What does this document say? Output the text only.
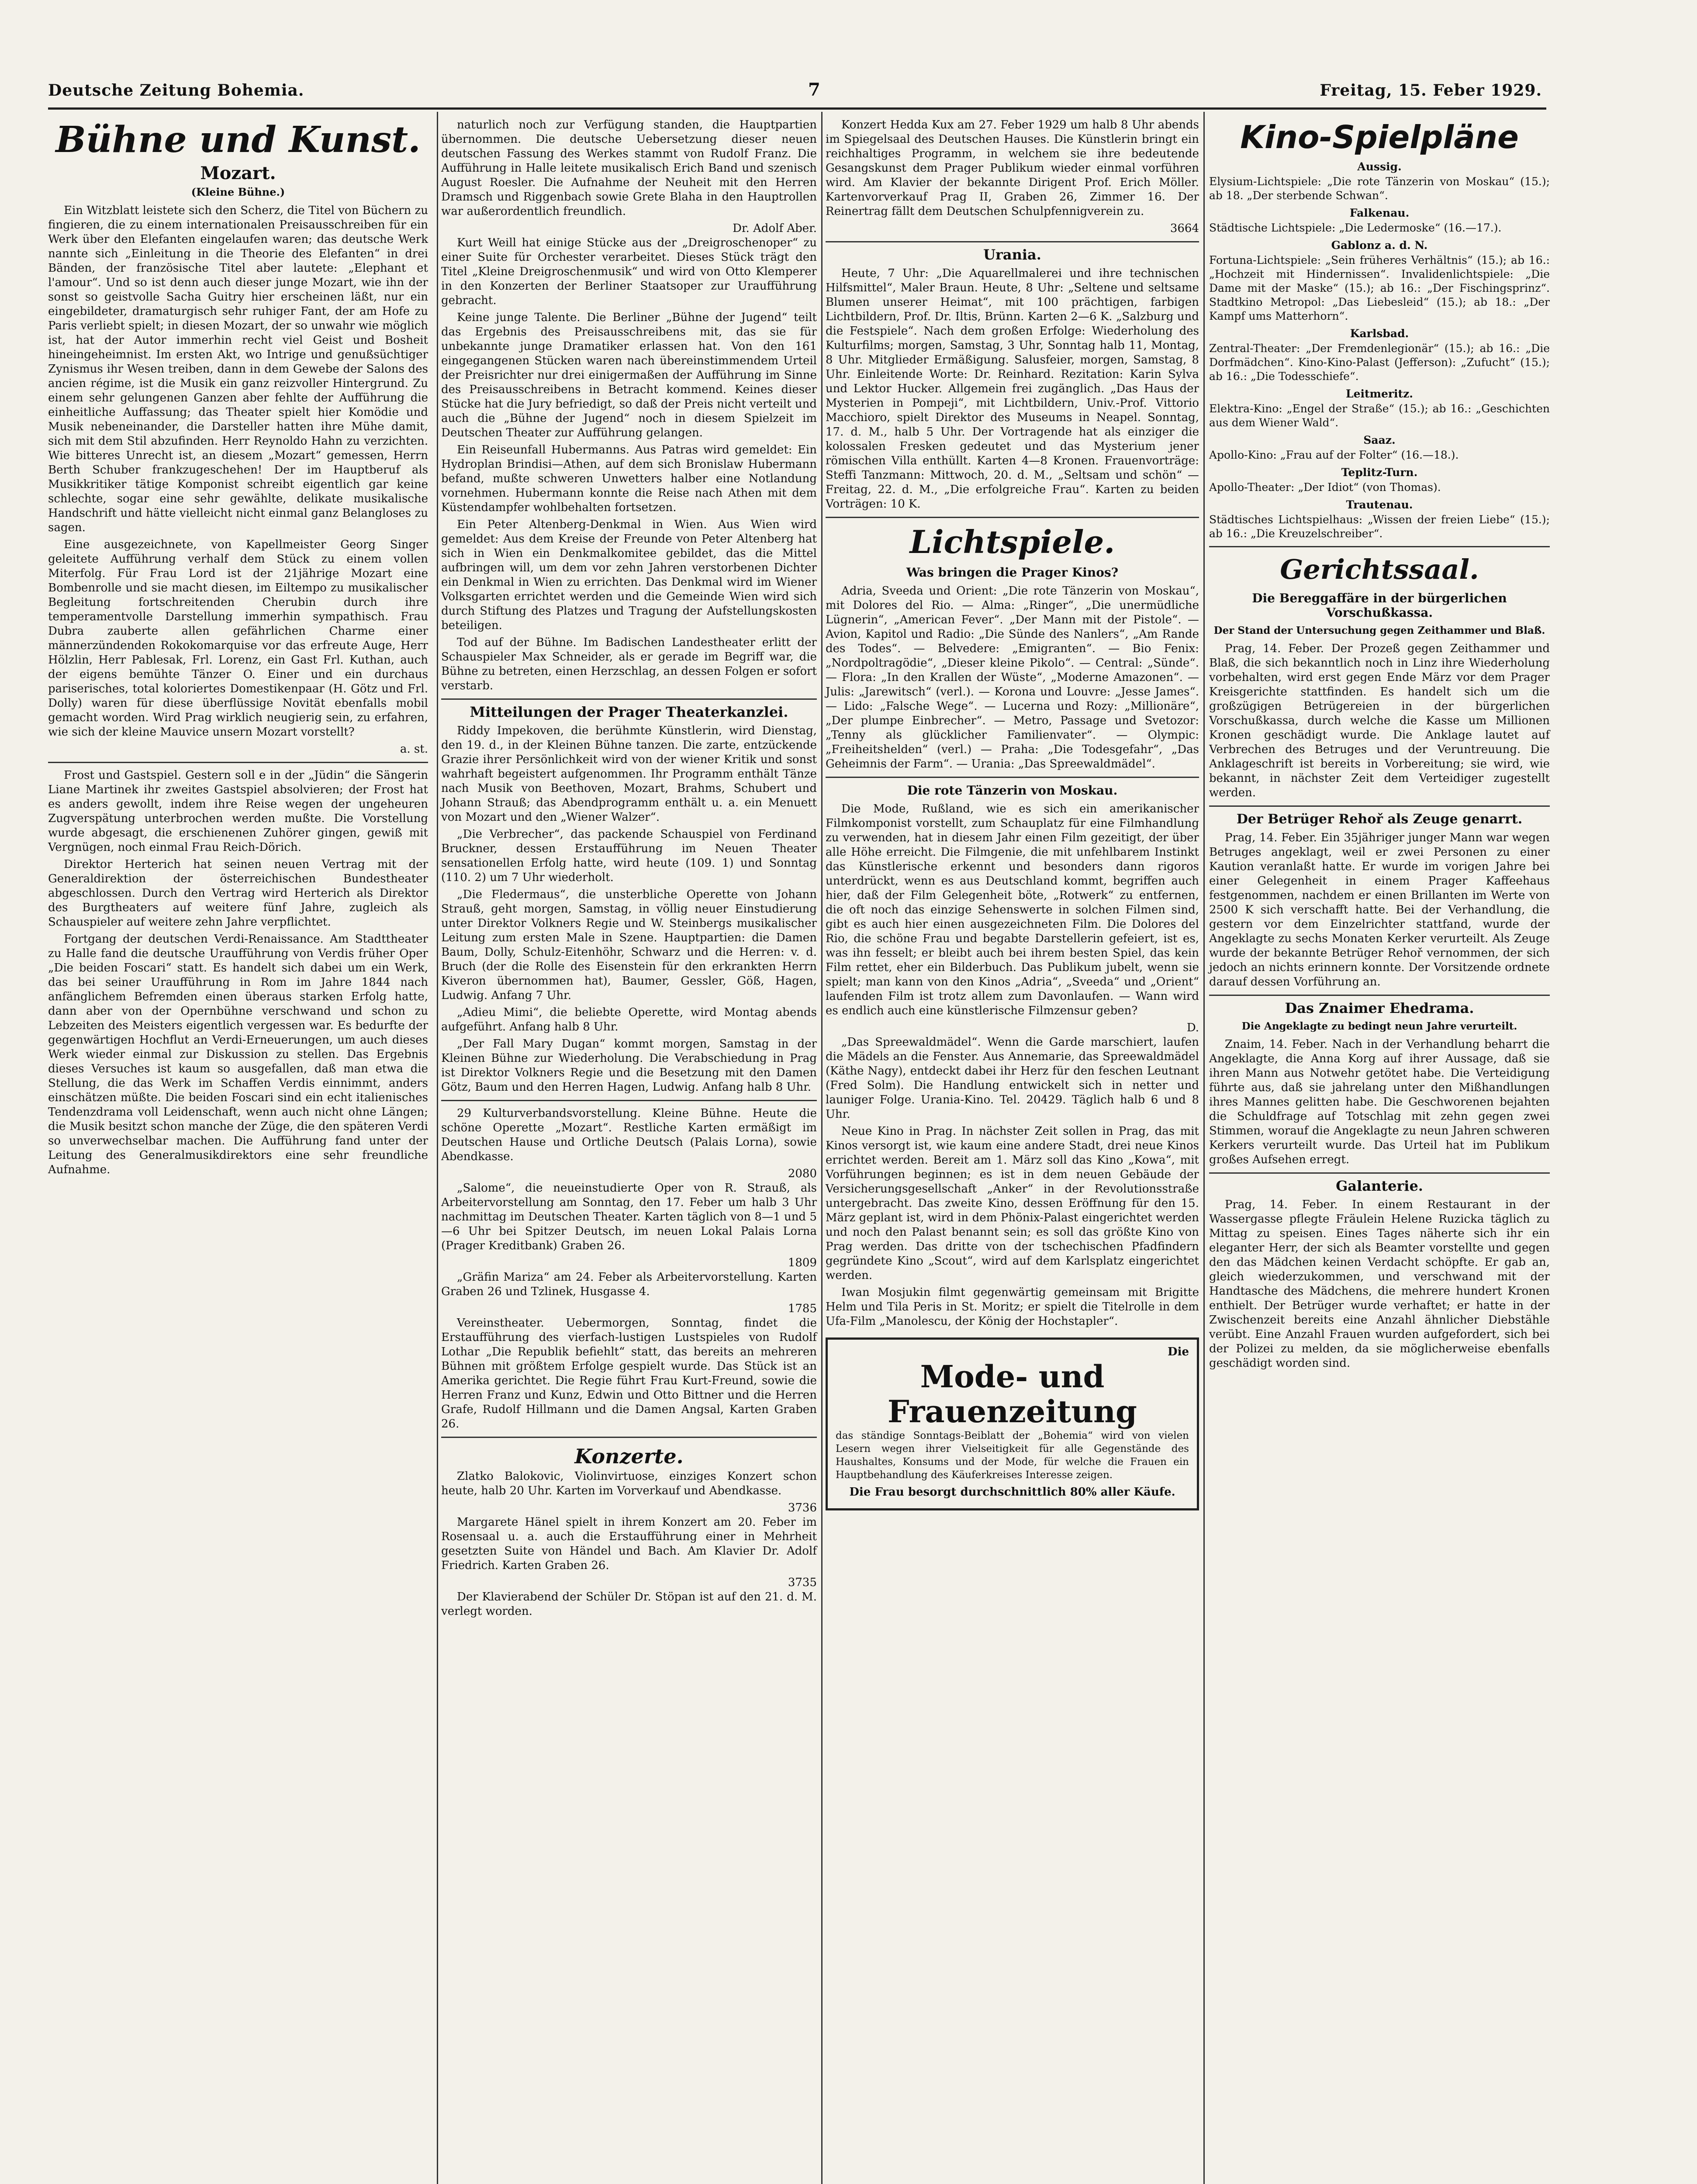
Deutsche Zeitung Bohemia.	7	Freitag, 15. Feber 1929.
Bühne und Kunst.
Mozart.
(Kleine Bühne.)

Ein Witzblatt leistete sich den Scherz, die Titel von Büchern zu fingieren, die zu einem internationalen Preisausschreiben für ein Werk über den Elefanten eingelaufen waren; das deutsche Werk nannte sich „Einleitung in die Theorie des Elefanten“ in drei Bänden, der französische Titel aber lautete: „Elephant et l'amour“. Und so ist denn auch dieser junge Mozart, wie ihn der sonst so geistvolle Sacha Guitry hier erscheinen läßt, nur ein eingebildeter, dramaturgisch sehr ruhiger Fant, der am Hofe zu Paris verliebt spielt; in diesen Mozart, der so unwahr wie möglich ist, hat der Autor immerhin recht viel Geist und Bosheit hineingeheimnist. Im ersten Akt, wo Intrige und genußsüchtiger Zynismus ihr Wesen treiben, dann in dem Gewebe der Salons des ancien régime, ist die Musik ein ganz reizvoller Hintergrund. Zu einem sehr gelungenen Ganzen aber fehlte der Aufführung die einheitliche Auffassung; das Theater spielt hier Komödie und Musik nebeneinander, die Darsteller hatten ihre Mühe damit, sich mit dem Stil abzufinden. Herr Reynoldo Hahn zu verzichten. Wie bitteres Unrecht ist, an diesem „Mozart“ gemessen, Herrn Berth Schuber frankzugeschehen! Der im Hauptberuf als Musikkritiker tätige Komponist schreibt eigentlich gar keine schlechte, sogar eine sehr gewählte, delikate musikalische Handschrift und hätte vielleicht nicht einmal ganz Belangloses zu sagen.

Eine ausgezeichnete, von Kapellmeister Georg Singer geleitete Aufführung verhalf dem Stück zu einem vollen Miterfolg. Für Frau Lord ist der 21jährige Mozart eine Bombenrolle und sie macht diesen, im Eiltempo zu musikalischer Begleitung fortschreitenden Cherubin durch ihre temperamentvolle Darstellung immerhin sympathisch. Frau Dubra zauberte allen gefährlichen Charme einer männerzündenden Rokokomarquise vor das erfreute Auge, Herr Hölzlin, Herr Pablesak, Frl. Lorenz, ein Gast Frl. Kuthan, auch der eigens bemühte Tänzer O. Einer und ein durchaus pariserisches, total koloriertes Domestikenpaar (H. Götz und Frl. Dolly) waren für diese überflüssige Novität ebenfalls mobil gemacht worden. Wird Prag wirklich neugierig sein, zu erfahren, wie sich der kleine Mauvice unsern Mozart vorstellt?

a. st.

Frost und Gastspiel. Gestern soll e in der „Jüdin“ die Sängerin Liane Martinek ihr zweites Gastspiel absolvieren; der Frost hat es anders gewollt, indem ihre Reise wegen der ungeheuren Zugverspätung unterbrochen werden mußte. Die Vorstellung wurde abgesagt, die erschienenen Zuhörer gingen, gewiß mit Vergnügen, noch einmal Frau Reich-Dörich.

Direktor Herterich hat seinen neuen Vertrag mit der Generaldirektion der österreichischen Bundestheater abgeschlossen. Durch den Vertrag wird Herterich als Direktor des Burgtheaters auf weitere fünf Jahre, zugleich als Schauspieler auf weitere zehn Jahre verpflichtet.

Fortgang der deutschen Verdi-Renaissance. Am Stadttheater zu Halle fand die deutsche Uraufführung von Verdis früher Oper „Die beiden Foscari“ statt. Es handelt sich dabei um ein Werk, das bei seiner Uraufführung in Rom im Jahre 1844 nach anfänglichem Befremden einen überaus starken Erfolg hatte, dann aber von der Opernbühne verschwand und schon zu Lebzeiten des Meisters eigentlich vergessen war. Es bedurfte der gegenwärtigen Hochflut an Verdi-Erneuerungen, um auch dieses Werk wieder einmal zur Diskussion zu stellen. Das Ergebnis dieses Versuches ist kaum so ausgefallen, daß man etwa die Stellung, die das Werk im Schaffen Verdis einnimmt, anders einschätzen müßte. Die beiden Foscari sind ein echt italienisches Tendenzdrama voll Leidenschaft, wenn auch nicht ohne Längen; die Musik besitzt schon manche der Züge, die den späteren Verdi so unverwechselbar machen. Die Aufführung fand unter der Leitung des Generalmusikdirektors eine sehr freundliche Aufnahme.

naturlich noch zur Verfügung standen, die Hauptpartien übernommen. Die deutsche Uebersetzung dieser neuen deutschen Fassung des Werkes stammt von Rudolf Franz. Die Aufführung in Halle leitete musikalisch Erich Band und szenisch August Roesler. Die Aufnahme der Neuheit mit den Herren Dramsch und Riggenbach sowie Grete Blaha in den Hauptrollen war außerordentlich freundlich.

Dr. Adolf Aber.

Kurt Weill hat einige Stücke aus der „Dreigroschenoper“ zu einer Suite für Orchester verarbeitet. Dieses Stück trägt den Titel „Kleine Dreigroschenmusik“ und wird von Otto Klemperer in den Konzerten der Berliner Staatsoper zur Uraufführung gebracht.

Keine junge Talente. Die Berliner „Bühne der Jugend“ teilt das Ergebnis des Preisausschreibens mit, das sie für unbekannte junge Dramatiker erlassen hat. Von den 161 eingegangenen Stücken waren nach übereinstimmendem Urteil der Preisrichter nur drei einigermaßen der Aufführung im Sinne des Preisausschreibens in Betracht kommend. Keines dieser Stücke hat die Jury befriedigt, so daß der Preis nicht verteilt und auch die „Bühne der Jugend“ noch in diesem Spielzeit im Deutschen Theater zur Aufführung gelangen.

Ein Reiseunfall Hubermanns. Aus Patras wird gemeldet: Ein Hydroplan Brindisi—Athen, auf dem sich Bronislaw Hubermann befand, mußte schweren Unwetters halber eine Notlandung vornehmen. Hubermann konnte die Reise nach Athen mit dem Küstendampfer wohlbehalten fortsetzen.

Ein Peter Altenberg-Denkmal in Wien. Aus Wien wird gemeldet: Aus dem Kreise der Freunde von Peter Altenberg hat sich in Wien ein Denkmalkomitee gebildet, das die Mittel aufbringen will, um dem vor zehn Jahren verstorbenen Dichter ein Denkmal in Wien zu errichten. Das Denkmal wird im Wiener Volksgarten errichtet werden und die Gemeinde Wien wird sich durch Stiftung des Platzes und Tragung der Aufstellungskosten beteiligen.

Tod auf der Bühne. Im Badischen Landestheater erlitt der Schauspieler Max Schneider, als er gerade im Begriff war, die Bühne zu betreten, einen Herzschlag, an dessen Folgen er sofort verstarb.

Mitteilungen der Prager Theaterkanzlei.

Riddy Impekoven, die berühmte Künstlerin, wird Dienstag, den 19. d., in der Kleinen Bühne tanzen. Die zarte, entzückende Grazie ihrer Persönlichkeit wird von der wiener Kritik und sonst wahrhaft begeistert aufgenommen. Ihr Programm enthält Tänze nach Musik von Beethoven, Mozart, Brahms, Schubert und Johann Strauß; das Abendprogramm enthält u. a. ein Menuett von Mozart und den „Wiener Walzer“.

„Die Verbrecher“, das packende Schauspiel von Ferdinand Bruckner, dessen Erstaufführung im Neuen Theater sensationellen Erfolg hatte, wird heute (109. 1) und Sonntag (110. 2) um 7 Uhr wiederholt.

„Die Fledermaus“, die unsterbliche Operette von Johann Strauß, geht morgen, Samstag, in völlig neuer Einstudierung unter Direktor Volkners Regie und W. Steinbergs musikalischer Leitung zum ersten Male in Szene. Hauptpartien: die Damen Baum, Dolly, Schulz-Eitenhöhr, Schwarz und die Herren: v. d. Bruch (der die Rolle des Eisenstein für den erkrankten Herrn Kiveron übernommen hat), Baumer, Gessler, Göß, Hagen, Ludwig. Anfang 7 Uhr.

„Adieu Mimi“, die beliebte Operette, wird Montag abends aufgeführt. Anfang halb 8 Uhr.

„Der Fall Mary Dugan“ kommt morgen, Samstag in der Kleinen Bühne zur Wiederholung. Die Verabschiedung in Prag ist Direktor Volkners Regie und die Besetzung mit den Damen Götz, Baum und den Herren Hagen, Ludwig. Anfang halb 8 Uhr.

29 Kulturverbandsvorstellung. Kleine Bühne. Heute die schöne Operette „Mozart“. Restliche Karten ermäßigt im Deutschen Hause und Ortliche Deutsch (Palais Lorna), sowie Abendkasse.

2080

„Salome“, die neueinstudierte Oper von R. Strauß, als Arbeitervorstellung am Sonntag, den 17. Feber um halb 3 Uhr nachmittag im Deutschen Theater. Karten täglich von 8—1 und 5—6 Uhr bei Spitzer Deutsch, im neuen Lokal Palais Lorna (Prager Kreditbank) Graben 26.

1809

„Gräfin Mariza“ am 24. Feber als Arbeitervorstellung. Karten Graben 26 und Tzlinek, Husgasse 4.

1785

Vereinstheater. Uebermorgen, Sonntag, findet die Erstaufführung des vierfach-lustigen Lustspieles von Rudolf Lothar „Die Republik befiehlt“ statt, das bereits an mehreren Bühnen mit größtem Erfolge gespielt wurde. Das Stück ist an Amerika gerichtet. Die Regie führt Frau Kurt-Freund, sowie die Herren Franz und Kunz, Edwin und Otto Bittner und die Herren Grafe, Rudolf Hillmann und die Damen Angsal, Karten Graben 26.

Konzerte.

Zlatko Balokovic, Violinvirtuose, einziges Konzert schon heute, halb 20 Uhr. Karten im Vorverkauf und Abendkasse.

3736

Margarete Hänel spielt in ihrem Konzert am 20. Feber im Rosensaal u. a. auch die Erstaufführung einer in Mehrheit gesetzten Suite von Händel und Bach. Am Klavier Dr. Adolf Friedrich. Karten Graben 26.

3735

Der Klavierabend der Schüler Dr. Stöpan ist auf den 21. d. M. verlegt worden.

Konzert Hedda Kux am 27. Feber 1929 um halb 8 Uhr abends im Spiegelsaal des Deutschen Hauses. Die Künstlerin bringt ein reichhaltiges Programm, in welchem sie ihre bedeutende Gesangskunst dem Prager Publikum wieder einmal vorführen wird. Am Klavier der bekannte Dirigent Prof. Erich Möller. Kartenvorverkauf Prag II, Graben 26, Zimmer 16. Der Reinertrag fällt dem Deutschen Schulpfennigverein zu.

3664
Urania.

Heute, 7 Uhr: „Die Aquarellmalerei und ihre technischen Hilfsmittel“, Maler Braun. Heute, 8 Uhr: „Seltene und seltsame Blumen unserer Heimat“, mit 100 prächtigen, farbigen Lichtbildern, Prof. Dr. Iltis, Brünn. Karten 2—6 K. „Salzburg und die Festspiele“. Nach dem großen Erfolge: Wiederholung des Kulturfilms; morgen, Samstag, 3 Uhr, Sonntag halb 11, Montag, 8 Uhr. Mitglieder Ermäßigung. Salusfeier, morgen, Samstag, 8 Uhr. Einleitende Worte: Dr. Reinhard. Rezitation: Karin Sylva und Lektor Hucker. Allgemein frei zugänglich. „Das Haus der Mysterien in Pompeji“, mit Lichtbildern, Univ.-Prof. Vittorio Macchioro, spielt Direktor des Museums in Neapel. Sonntag, 17. d. M., halb 5 Uhr. Der Vortragende hat als einziger die kolossalen Fresken gedeutet und das Mysterium jener römischen Villa enthüllt. Karten 4—8 Kronen. Frauenvorträge: Steffi Tanzmann: Mittwoch, 20. d. M., „Seltsam und schön“ — Freitag, 22. d. M., „Die erfolgreiche Frau“. Karten zu beiden Vorträgen: 10 K.

Lichtspiele.
Was bringen die Prager Kinos?

Adria, Sveeda und Orient: „Die rote Tänzerin von Moskau“, mit Dolores del Rio. — Alma: „Ringer“, „Die unermüdliche Lügnerin“, „American Fever“. „Der Mann mit der Pistole“. — Avion, Kapitol und Radio: „Die Sünde des Nanlers“, „Am Rande des Todes“. — Belvedere: „Emigranten“. — Bio Fenix: „Nordpoltragödie“, „Dieser kleine Pikolo“. — Central: „Sünde“. — Flora: „In den Krallen der Wüste“, „Moderne Amazonen“. — Julis: „Jarewitsch“ (verl.). — Korona und Louvre: „Jesse James“. — Lido: „Falsche Wege“. — Lucerna und Rozy: „Millionäre“, „Der plumpe Einbrecher“. — Metro, Passage und Svetozor: „Tenny als glücklicher Familienvater“. — Olympic: „Freiheitshelden“ (verl.) — Praha: „Die Todesgefahr“, „Das Geheimnis der Farm“. — Urania: „Das Spreewaldmädel“.

Die rote Tänzerin von Moskau.

Die Mode, Rußland, wie es sich ein amerikanischer Filmkomponist vorstellt, zum Schauplatz für eine Filmhandlung zu verwenden, hat in diesem Jahr einen Film gezeitigt, der über alle Höhe erreicht. Die Filmgenie, die mit unfehlbarem Instinkt das Künstlerische erkennt und besonders dann rigoros unterdrückt, wenn es aus Deutschland kommt, begriffen auch hier, daß der Film Gelegenheit böte, „Rotwerk“ zu entfernen, die oft noch das einzige Sehenswerte in solchen Filmen sind, gibt es auch hier einen ausgezeichneten Film. Die Dolores del Rio, die schöne Frau und begabte Darstellerin gefeiert, ist es, was ihn fesselt; er bleibt auch bei ihrem besten Spiel, das kein Film rettet, eher ein Bilderbuch. Das Publikum jubelt, wenn sie spielt; man kann von den Kinos „Adria“, „Sveeda“ und „Orient“ laufenden Film ist trotz allem zum Davonlaufen. — Wann wird es endlich auch eine künstlerische Filmzensur geben?

D.

„Das Spreewaldmädel“. Wenn die Garde marschiert, laufen die Mädels an die Fenster. Aus Annemarie, das Spreewaldmädel (Käthe Nagy), entdeckt dabei ihr Herz für den feschen Leutnant (Fred Solm). Die Handlung entwickelt sich in netter und launiger Folge. Urania-Kino. Tel. 20429. Täglich halb 6 und 8 Uhr.

Neue Kino in Prag. In nächster Zeit sollen in Prag, das mit Kinos versorgt ist, wie kaum eine andere Stadt, drei neue Kinos errichtet werden. Bereit am 1. März soll das Kino „Kowa“, mit Vorführungen beginnen; es ist in dem neuen Gebäude der Versicherungsgesellschaft „Anker“ in der Revolutionsstraße untergebracht. Das zweite Kino, dessen Eröffnung für den 15. März geplant ist, wird in dem Phönix-Palast eingerichtet werden und noch den Palast benannt sein; es soll das größte Kino von Prag werden. Das dritte von der tschechischen Pfadfindern gegründete Kino „Scout“, wird auf dem Karlsplatz eingerichtet werden.

Iwan Mosjukin filmt gegenwärtig gemeinsam mit Brigitte Helm und Tila Peris in St. Moritz; er spielt die Titelrolle in dem Ufa-Film „Manolescu, der König der Hochstapler“.

Die
Mode- und Frauenzeitung

das ständige Sonntags-Beiblatt der „Bohemia“ wird von vielen Lesern wegen ihrer Vielseitigkeit für alle Gegenstände des Haushaltes, Konsums und der Mode, für welche die Frauen ein Hauptbehandlung des Käuferkreises Interesse zeigen.

Die Frau besorgt durchschnittlich 80% aller Käufe.
Kino-Spielpläne
Aussig.
Elysium-Lichtspiele: „Die rote Tänzerin von Moskau“ (15.); ab 18. „Der sterbende Schwan“.
Falkenau.
Städtische Lichtspiele: „Die Ledermoske“ (16.—17.).
Gablonz a. d. N.
Fortuna-Lichtspiele: „Sein früheres Verhältnis“ (15.); ab 16.: „Hochzeit mit Hindernissen“. Invalidenlichtspiele: „Die Dame mit der Maske“ (15.); ab 16.: „Der Fischingsprinz“. Stadtkino Metropol: „Das Liebesleid“ (15.); ab 18.: „Der Kampf ums Matterhorn“.
Karlsbad.
Zentral-Theater: „Der Fremdenlegionär“ (15.); ab 16.: „Die Dorfmädchen“. Kino-Kino-Palast (Jefferson): „Zufucht“ (15.); ab 16.: „Die Todesschiefe“.
Leitmeritz.
Elektra-Kino: „Engel der Straße“ (15.); ab 16.: „Geschichten aus dem Wiener Wald“.
Saaz.
Apollo-Kino: „Frau auf der Folter“ (16.—18.).
Teplitz-Turn.
Apollo-Theater: „Der Idiot“ (von Thomas).
Trautenau.
Städtisches Lichtspielhaus: „Wissen der freien Liebe“ (15.); ab 16.: „Die Kreuzelschreiber“.
Gerichtssaal.
Die Bereggaffäre in der bürgerlichen Vorschußkassa.
Der Stand der Untersuchung gegen Zeithammer und Blaß.

Prag, 14. Feber. Der Prozeß gegen Zeithammer und Blaß, die sich bekanntlich noch in Linz ihre Wiederholung vorbehalten, wird erst gegen Ende März vor dem Prager Kreisgerichte stattfinden. Es handelt sich um die großzügigen Betrügereien in der bürgerlichen Vorschußkassa, durch welche die Kasse um Millionen Kronen geschädigt wurde. Die Anklage lautet auf Verbrechen des Betruges und der Veruntreuung. Die Anklageschrift ist bereits in Vorbereitung; sie wird, wie bekannt, in nächster Zeit dem Verteidiger zugestellt werden.

Der Betrüger Rehoř als Zeuge genarrt.

Prag, 14. Feber. Ein 35jähriger junger Mann war wegen Betruges angeklagt, weil er zwei Personen zu einer Kaution veranlaßt hatte. Er wurde im vorigen Jahre bei einer Gelegenheit in einem Prager Kaffeehaus festgenommen, nachdem er einen Brillanten im Werte von 2500 K sich verschafft hatte. Bei der Verhandlung, die gestern vor dem Einzelrichter stattfand, wurde der Angeklagte zu sechs Monaten Kerker verurteilt. Als Zeuge wurde der bekannte Betrüger Rehoř vernommen, der sich jedoch an nichts erinnern konnte. Der Vorsitzende ordnete darauf dessen Vorführung an.

Das Znaimer Ehedrama.
Die Angeklagte zu bedingt neun Jahre verurteilt.

Znaim, 14. Feber. Nach in der Verhandlung beharrt die Angeklagte, die Anna Korg auf ihrer Aussage, daß sie ihren Mann aus Notwehr getötet habe. Die Verteidigung führte aus, daß sie jahrelang unter den Mißhandlungen ihres Mannes gelitten habe. Die Geschworenen bejahten die Schuldfrage auf Totschlag mit zehn gegen zwei Stimmen, worauf die Angeklagte zu neun Jahren schweren Kerkers verurteilt wurde. Das Urteil hat im Publikum großes Aufsehen erregt.

Galanterie.

Prag, 14. Feber. In einem Restaurant in der Wassergasse pflegte Fräulein Helene Ruzicka täglich zu Mittag zu speisen. Eines Tages näherte sich ihr ein eleganter Herr, der sich als Beamter vorstellte und gegen den das Mädchen keinen Verdacht schöpfte. Er gab an, gleich wiederzukommen, und verschwand mit der Handtasche des Mädchens, die mehrere hundert Kronen enthielt. Der Betrüger wurde verhaftet; er hatte in der Zwischenzeit bereits eine Anzahl ähnlicher Diebstähle verübt. Eine Anzahl Frauen wurden aufgefordert, sich bei der Polizei zu melden, da sie möglicherweise ebenfalls geschädigt worden sind.
